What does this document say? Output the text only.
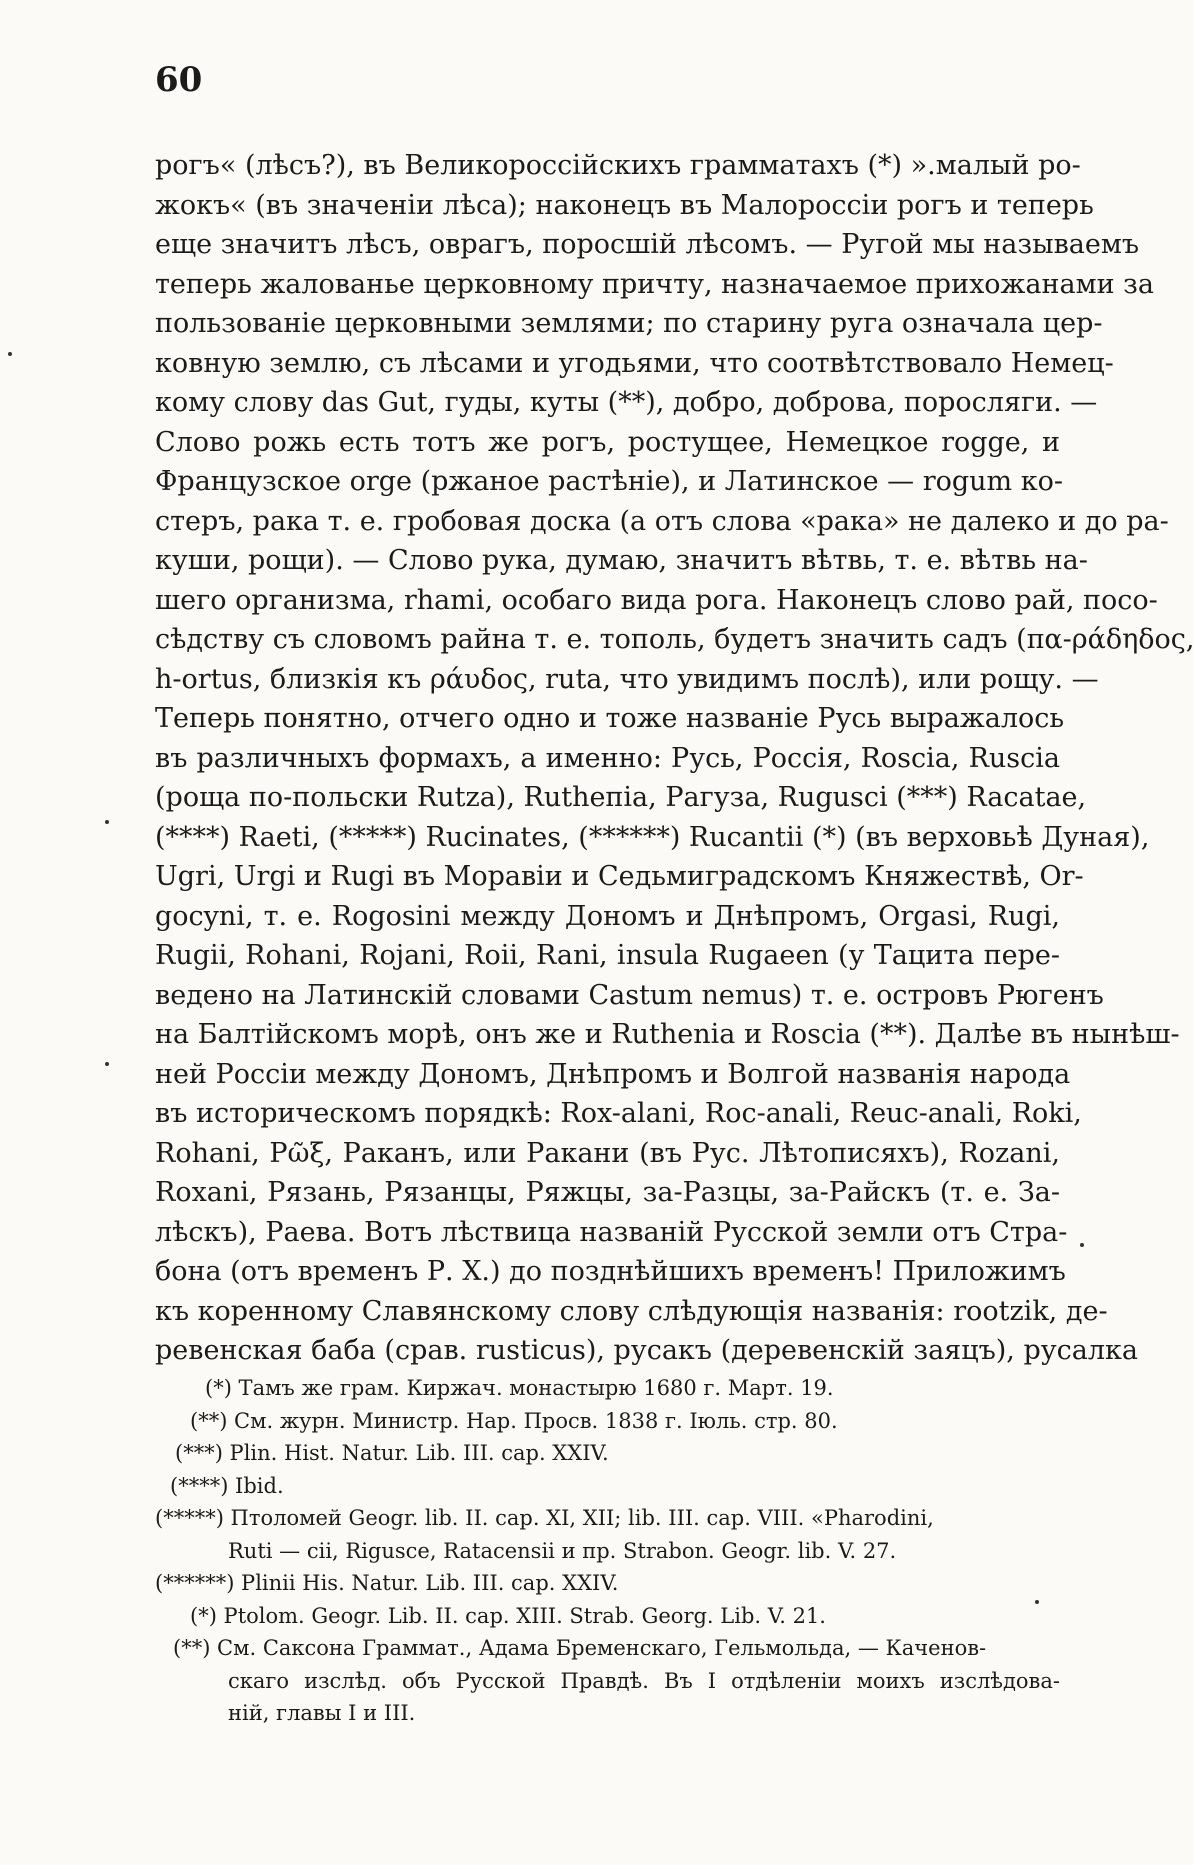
60
рогъ« (лѣсъ?), въ Великороссійскихъ грамматахъ (*) ».малый ро-
жокъ« (въ значеніи лѣса); наконецъ въ Малороссіи рогъ и теперь
еще значитъ лѣсъ, оврагъ, поросшій лѣсомъ. — Ругой мы называемъ
теперь жалованье церковному причту, назначаемое прихожанами за
пользованіе церковными землями; по старину руга означала цер-
ковную землю, съ лѣсами и угодьями, что соотвѣтствовало Немец-
кому слову das Gut, гуды, куты (**), добро, доброва, поросляги. —
Слово рожь есть тотъ же рогъ, ростущее, Немецкое rogge, и
Французское orge (ржаное растѣніе), и Латинское — rogum ко-
стеръ, рака т. е. гробовая доска (а отъ слова «рака» не далеко и до ра-
куши, рощи). — Слово рука, думаю, значитъ вѣтвь, т. е. вѣтвь на-
шего организма, rhami, особаго вида рога. Наконецъ слово рай, посо-
сѣдству съ словомъ райна т. е. тополь, будетъ значить садъ (πα-ράδηδος,
h-ortus, близкія къ ράυδος, ruta, что увидимъ послѣ), или рощу. —
Теперь понятно, отчего одно и тоже названіе Русь выражалось
въ различныхъ формахъ, а именно: Русь, Россія, Roscia, Ruscia
(роща по-польски Rutza), Rutheпia, Рагуза, Ruguscі (***) Racatae,
(****) Raeti, (*****) Rucinates, (******) Rucantii (*) (въ верховьѣ Дуная),
Ugri, Urgi и Rugi въ Моравіи и Седьмиградскомъ Княжествѣ, Or-
gocyni, т. е. Rogosini между Дономъ и Днѣпромъ, Orgasi, Rugi,
Rugii, Rohani, Rojani, Roii, Rani, insula Rugaeen (у Тацита пере-
ведено на Латинскій словами Castum nemus) т. е. островъ Рюгенъ
на Балтійскомъ морѣ, онъ же и Ruthenia и Roscia (**). Далѣе въ нынѣш-
ней Россіи между Дономъ, Днѣпромъ и Волгой названія народа
въ историческомъ порядкѣ: Rox-alani, Roc-anali, Reuc-anali, Roki,
Rohani, Ρῶξ, Раканъ, или Ракани (въ Рус. Лѣтописяхъ), Rozani,
Roxani, Рязань, Рязанцы, Ряжцы, за-Разцы, за-Райскъ (т. е. За-
лѣскъ), Раева. Вотъ лѣствица названій Русской земли отъ Стра-
бона (отъ временъ Р. Х.) до позднѣйшихъ временъ! Приложимъ
къ коренному Славянскому слову слѣдующія названія: rootzik, де-
ревенская баба (срав. rusticus), русакъ (деревенскій заяцъ), русалка
(*) Тамъ же грам. Киржач. монастырю 1680 г. Март. 19.
(**) См. журн. Министр. Нар. Просв. 1838 г. Іюль. стр. 80.
(***) Plin. Hist. Natur. Lib. III. cap. XXIV.
(****) Ibid.
(*****) Птоломей Geogr. lib. II. cap. XI, XII; lib. III. cap. VIII. «Pharodini,
Ruti — cіі, Rigusce, Ratacensii и пр. Strabon. Geogr. lib. V. 27.
(******) Plinii His. Natur. Lib. III. cap. XXIV.
(*) Ptolom. Geogr. Lib. II. cap. XIII. Strab. Georg. Lib. V. 21.
(**) См. Саксона Граммат., Адама Бременскаго, Гельмольда, — Каченов-
скаго изслѣд. объ Русской Правдѣ. Въ I отдѣленіи моихъ изслѣдова-
ній, главы I и III.
